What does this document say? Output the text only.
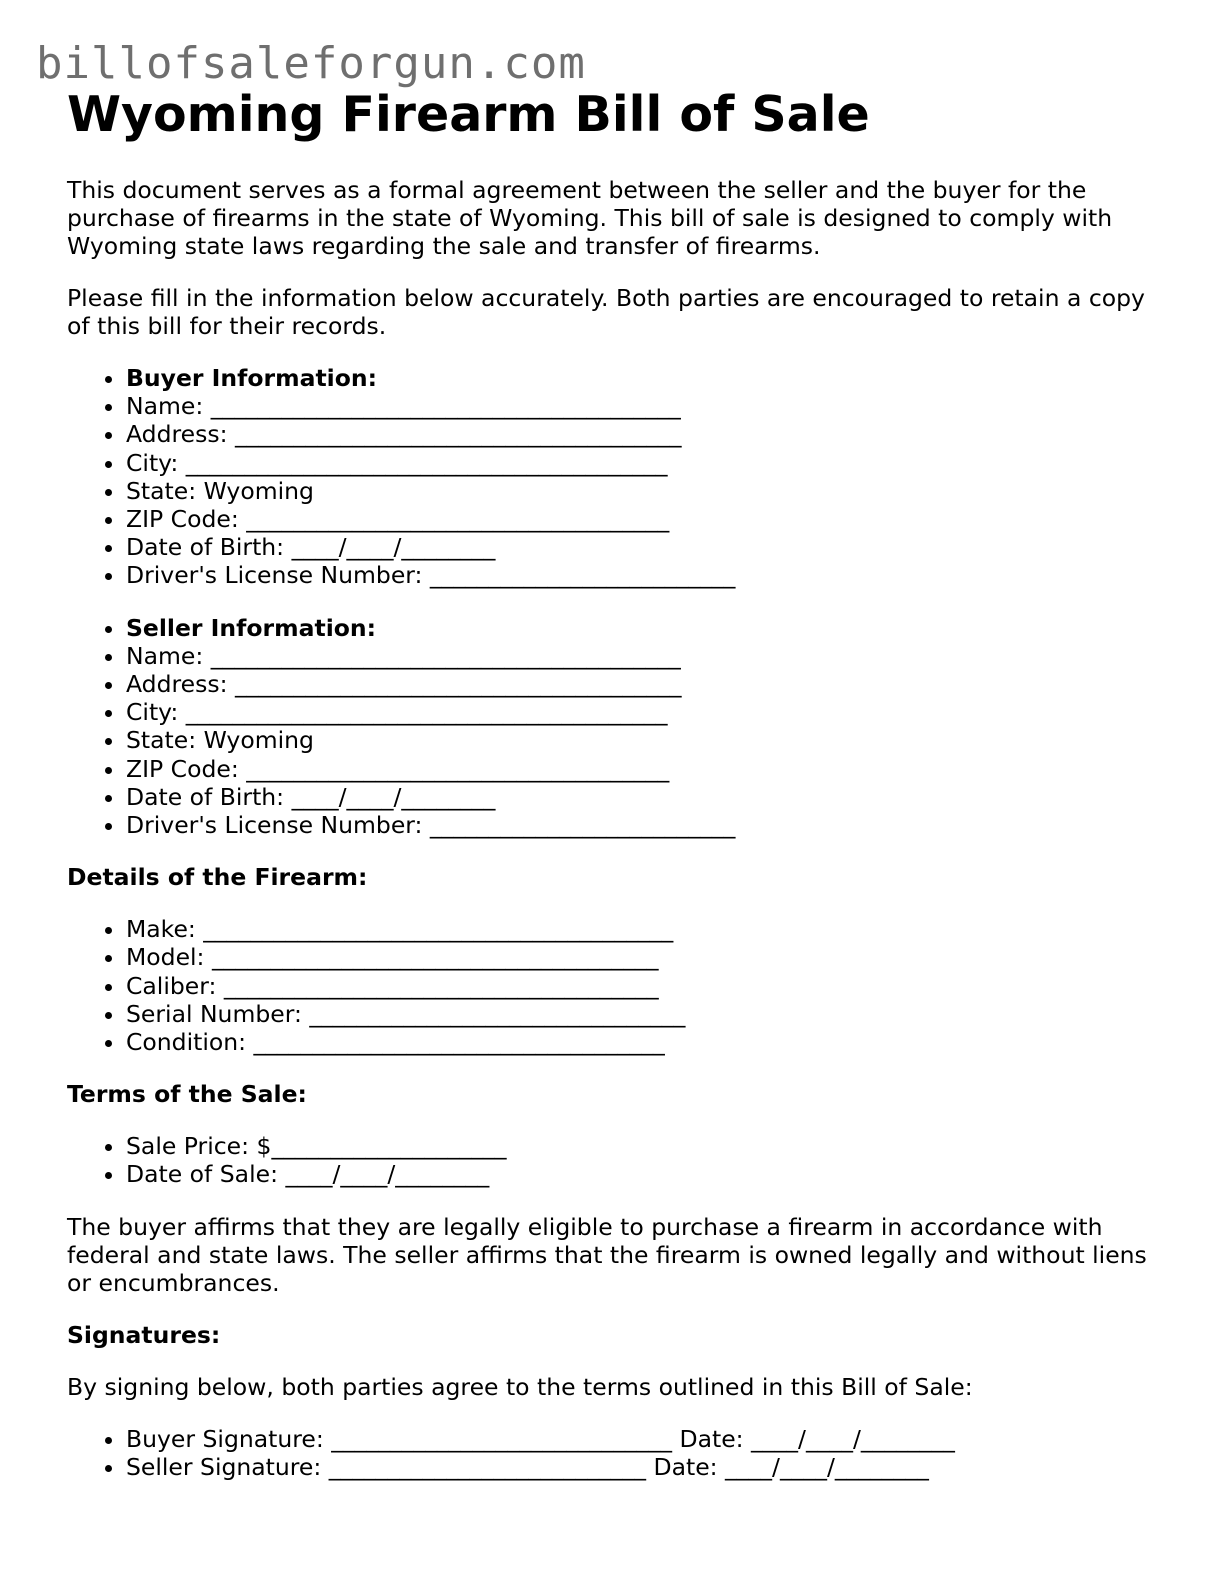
billofsaleforgun.com
Wyoming Firearm Bill of Sale

This document serves as a formal agreement between the seller and the buyer for the purchase of firearms in the state of Wyoming. This bill of sale is designed to comply with Wyoming state laws regarding the sale and transfer of firearms.

Please fill in the information below accurately. Both parties are encouraged to retain a copy of this bill for their records.

• Buyer Information:
• Name: ________________________________________
• Address: ______________________________________
• City: _________________________________________
• State: Wyoming
• ZIP Code: ____________________________________
• Date of Birth: ____/____/________
• Driver's License Number: __________________________
• Seller Information:
• Name: ________________________________________
• Address: ______________________________________
• City: _________________________________________
• State: Wyoming
• ZIP Code: ____________________________________
• Date of Birth: ____/____/________
• Driver's License Number: __________________________
Details of the Firearm:
• Make: ________________________________________
• Model: ______________________________________
• Caliber: _____________________________________
• Serial Number: ________________________________
• Condition: ___________________________________
Terms of the Sale:
• Sale Price: $____________________
• Date of Sale: ____/____/________

The buyer affirms that they are legally eligible to purchase a firearm in accordance with federal and state laws. The seller affirms that the firearm is owned legally and without liens or encumbrances.

Signatures:

By signing below, both parties agree to the terms outlined in this Bill of Sale:

• Buyer Signature: _____________________________ Date: ____/____/________
• Seller Signature: ___________________________ Date: ____/____/________
